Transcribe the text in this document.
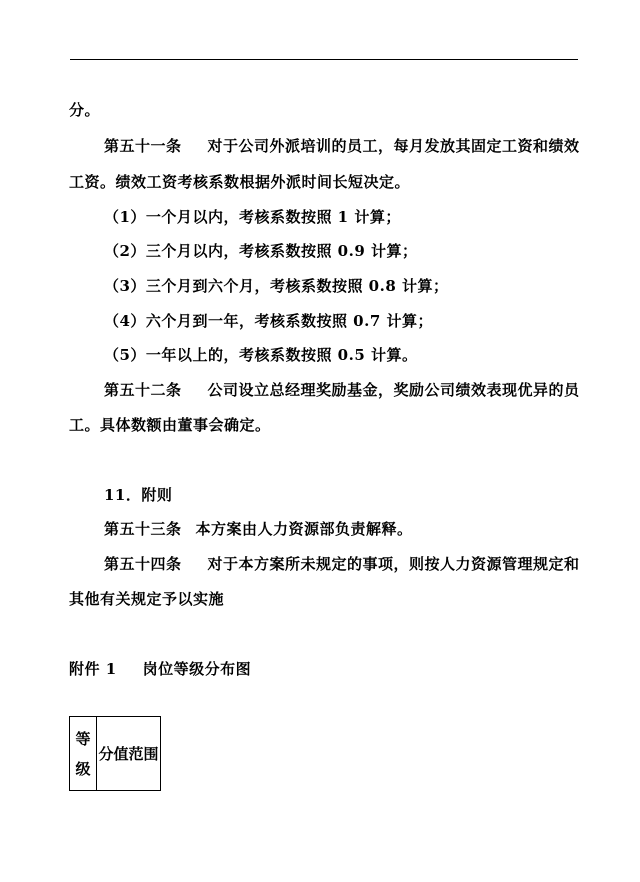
分。
第五十一条 对于公司外派培训的员工，每月发放其固定工资和绩效
工资。绩效工资考核系数根据外派时间长短决定。
（1）一个月以内，考核系数按照 1 计算；
（2）三个月以内，考核系数按照 0.9 计算；
（3）三个月到六个月，考核系数按照 0.8 计算；
（4）六个月到一年，考核系数按照 0.7 计算；
（5）一年以上的，考核系数按照 0.5 计算。
第五十二条 公司设立总经理奖励基金，奖励公司绩效表现优异的员
工。具体数额由董事会确定。
11．附则
第五十三条 本方案由人力资源部负责解释。
第五十四条 对于本方案所未规定的事项，则按人力资源管理规定和
其他有关规定予以实施
附件 1 岗位等级分布图
等
级
	分值范围
